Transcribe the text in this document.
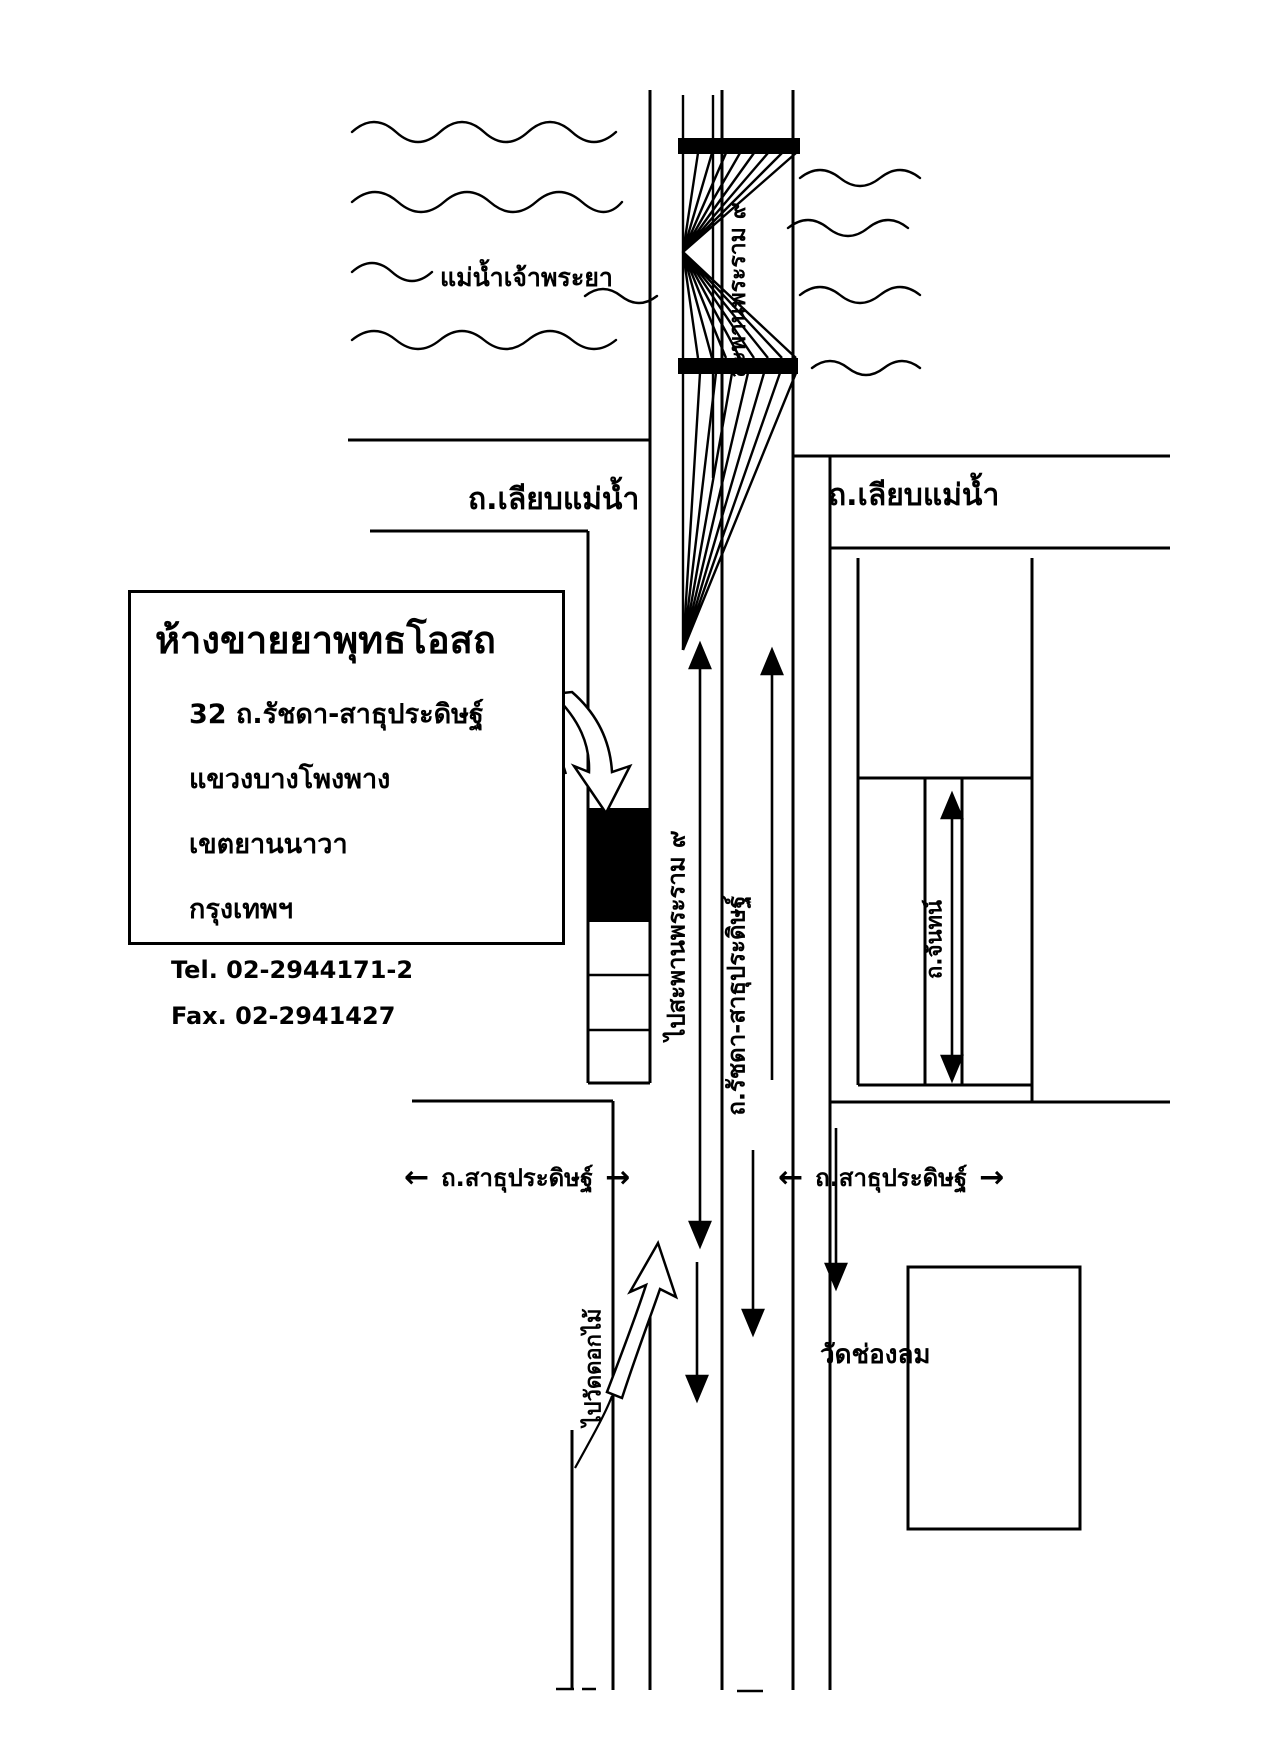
แม่น้ำเจ้าพระยา	สะพานพระราม ๙
ถ.เลียบแม่น้ำ	ถ.เลียบแม่น้ำ
ไปสะพานพระราม ๙ ถ.รัชดา-สาธุประดิษฐ์	ถ.จันทน์
ไปวัดดอกไม้
← ถ.สาธุประดิษฐ์ →	← ถ.สาธุประดิษฐ์ →
วัดช่องลม
ห้างขายยาพุทธโอสถ
32 ถ.รัชดา-สาธุประดิษฐ์
แขวงบางโพงพาง
เขตยานนาวา
กรุงเทพฯ
Tel. 02-2944171-2
Fax. 02-2941427
